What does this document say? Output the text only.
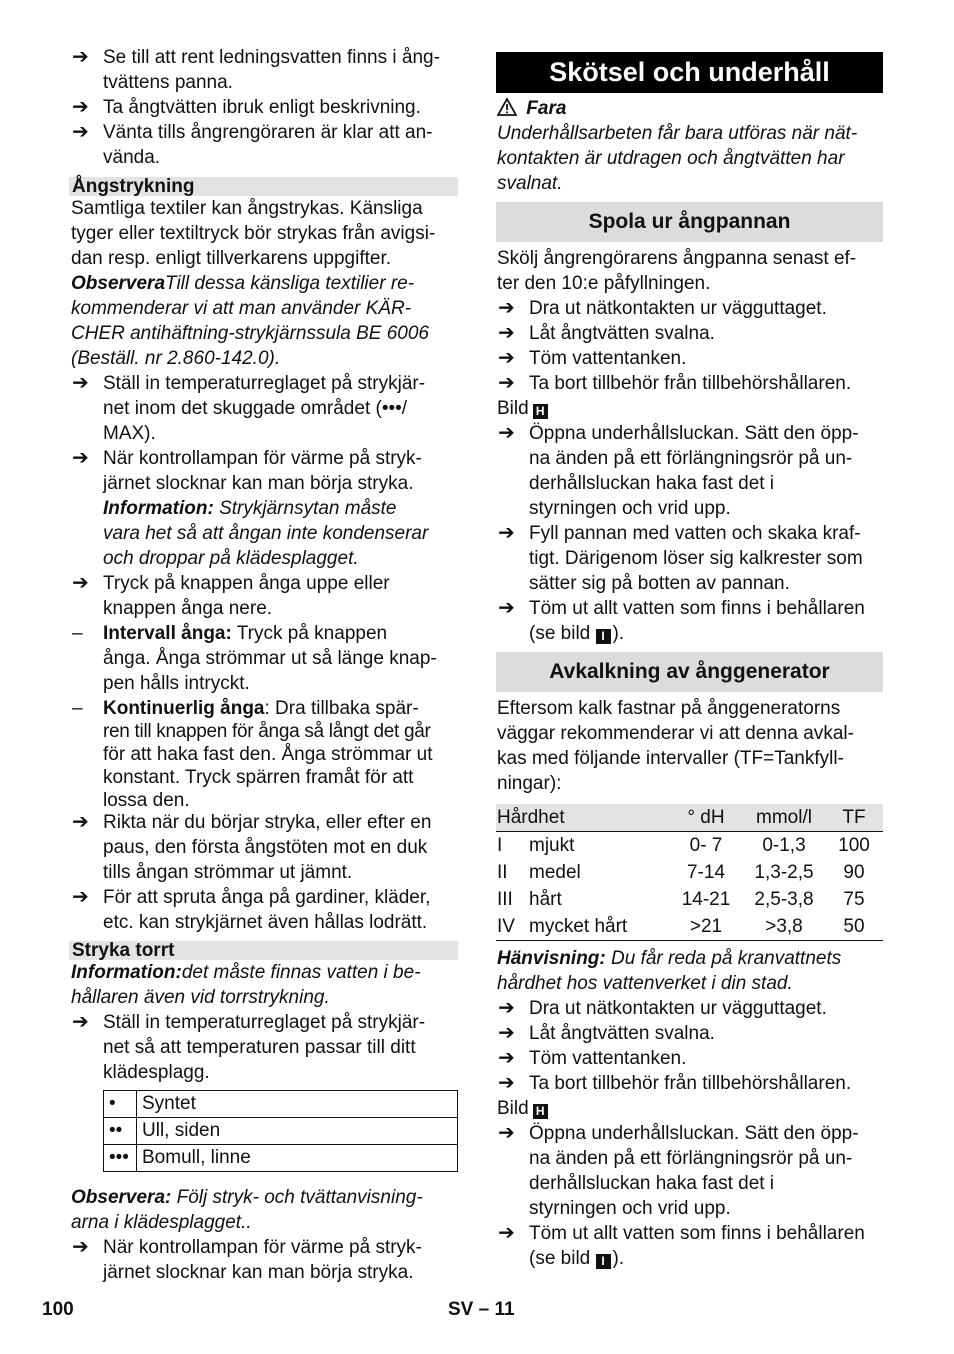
➔ Se till att rent ledningsvatten finns i ång-
tvättens panna.
➔ Ta ångtvätten ibruk enligt beskrivning.
➔ Vänta tills ångrengöraren är klar att an-
vända.
Ångstrykning
Samtliga textiler kan ångstrykas. Känsliga
tyger eller textiltryck bör strykas från avigsi-
dan resp. enligt tillverkarens uppgifter.
ObserveraTill dessa känsliga textilier re-
kommenderar vi att man använder KÄR-
CHER antihäftning-strykjärnssula BE 6006
(Beställ. nr 2.860-142.0).
➔ Ställ in temperaturreglaget på strykjär-
net inom det skuggade området (•••/
MAX).
➔ När kontrollampan för värme på stryk-
järnet slocknar kan man börja stryka.
Information: Strykjärnsytan måste
vara het så att ångan inte kondenserar
och droppar på klädesplagget.
➔ Tryck på knappen ånga uppe eller
knappen ånga nere.
– Intervall ånga: Tryck på knappen
ånga. Ånga strömmar ut så länge knap-
pen hålls intryckt.
– Kontinuerlig ånga: Dra tillbaka spär-
ren till knappen för ånga så långt det går
för att haka fast den. Ånga strömmar ut
konstant. Tryck spärren framåt för att
lossa den.
➔ Rikta när du börjar stryka, eller efter en
paus, den första ångstöten mot en duk
tills ångan strömmar ut jämnt.
➔ För att spruta ånga på gardiner, kläder,
etc. kan strykjärnet även hållas lodrätt.
Stryka torrt
Information:det måste finnas vatten i be-
hållaren även vid torrstrykning.
➔ Ställ in temperaturreglaget på strykjär-
net så att temperaturen passar till ditt
klädesplagg.
•	Syntet
••	Ull, siden
•••	Bomull, linne
Observera: Följ stryk- och tvättanvisning-
arna i klädesplagget..
➔ När kontrollampan för värme på stryk-
järnet slocknar kan man börja stryka.
Skötsel och underhåll
Fara
Underhållsarbeten får bara utföras när nät-
kontakten är utdragen och ångtvätten har
svalnat.
Spola ur ångpannan
Skölj ångrengörarens ångpanna senast ef-
ter den 10:e påfyllningen.
➔ Dra ut nätkontakten ur vägguttaget.
➔ Låt ångtvätten svalna.
➔ Töm vattentanken.
➔ Ta bort tillbehör från tillbehörshållaren.
Bild H
➔ Öppna underhållsluckan. Sätt den öpp-
na änden på ett förlängningsrör på un-
derhållsluckan haka fast det i
styrningen och vrid upp.
➔ Fyll pannan med vatten och skaka kraf-
tigt. Därigenom löser sig kalkrester som
sätter sig på botten av pannan.
➔ Töm ut allt vatten som finns i behållaren
(se bild I ).
Avkalkning av ånggenerator
Eftersom kalk fastnar på ånggeneratorns
väggar rekommenderar vi att denna avkal-
kas med följande intervaller (TF=Tankfyll-
ningar):
Hårdhet		° dH	mmol/l	TF
I	mjukt	0- 7	0-1,3	100
II	medel	7-14	1,3-2,5	90
III	hårt	14-21	2,5-3,8	75
IV	mycket hårt	>21	>3,8	50
Hänvisning: Du får reda på kranvattnets
hårdhet hos vattenverket i din stad.
➔ Dra ut nätkontakten ur vägguttaget.
➔ Låt ångtvätten svalna.
➔ Töm vattentanken.
➔ Ta bort tillbehör från tillbehörshållaren.
Bild H
➔ Öppna underhållsluckan. Sätt den öpp-
na änden på ett förlängningsrör på un-
derhållsluckan haka fast det i
styrningen och vrid upp.
➔ Töm ut allt vatten som finns i behållaren
(se bild I ).
100	SV – 11
